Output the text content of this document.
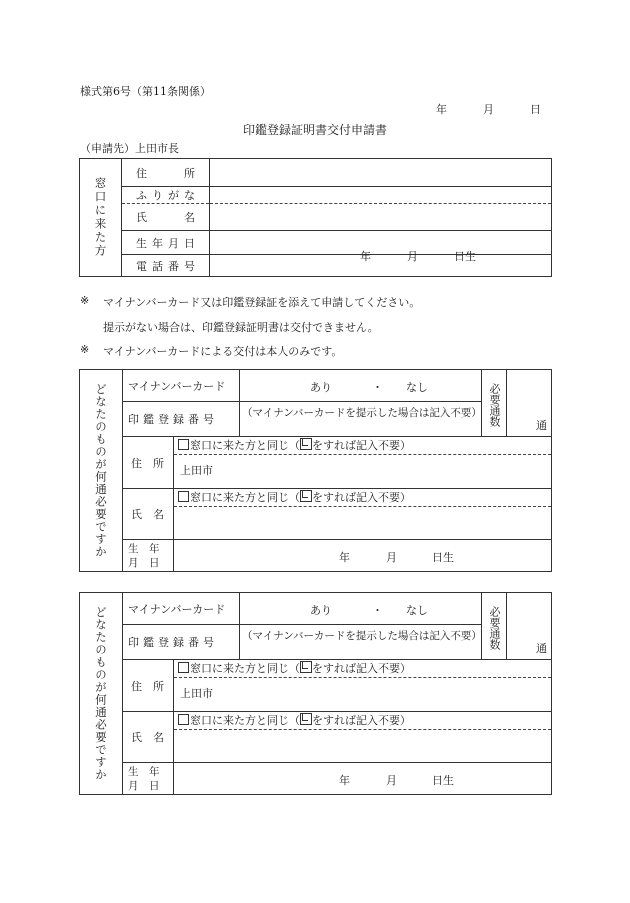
様式第6号（第11条関係）
年	月	日
印鑑登録証明書交付申請書
（申請先）上田市長
窓口に来た方	住　　所	
	ふりがな	
	氏　　名	
	生年月日	年 月 日生

	電話番号	
※ マイナンバーカード又は印鑑登録証を添えて申請してください。
提示がない場合は、印鑑登録証明書は交付できません。
※ マイナンバーカードによる交付は本人のみです。
どなたのものが何通必要ですか	マイナンバーカード	あり	・ なし	必要通数	通
印鑑登録番号	（マイナンバーカードを提示した場合は記入不要）
住　所
窓口に来た方と同じ（ をすれば記入不要）
上田市
氏　名
窓口に来た方と同じ（ をすれば記入不要）
生　年
月　日	年	月	日生
どなたのものが何通必要ですか	マイナンバーカード	あり	・ なし	必要通数	通
印鑑登録番号	（マイナンバーカードを提示した場合は記入不要）
住　所
窓口に来た方と同じ（ をすれば記入不要）
上田市
氏　名
窓口に来た方と同じ（ をすれば記入不要）
生　年
月　日	年	月	日生
